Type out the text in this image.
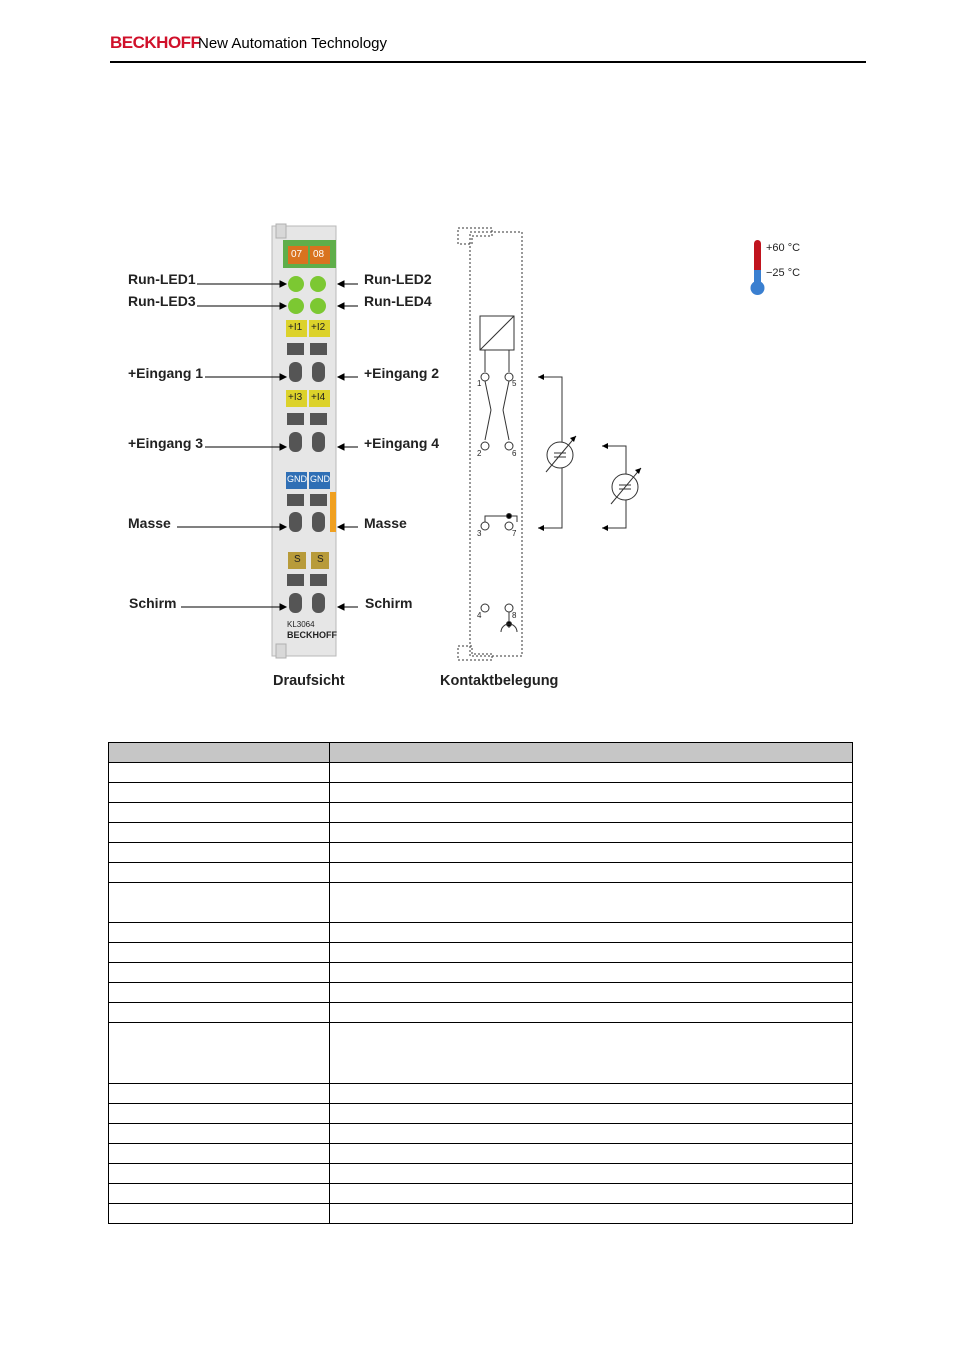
BECKHOFF
New Automation Technology
07 08
+I1 +I2
+I3 +I4
GND GND
S S
KL3064
BECKHOFF
Run-LED1
Run-LED3
+Eingang 1
+Eingang 3
Masse
Schirm
Run-LED2
Run-LED4
+Eingang 2
+Eingang 4
Masse
Schirm
1	5
2	6
3	7
4	8
+60 °C
−25 °C
Draufsicht	Kontaktbelegung
